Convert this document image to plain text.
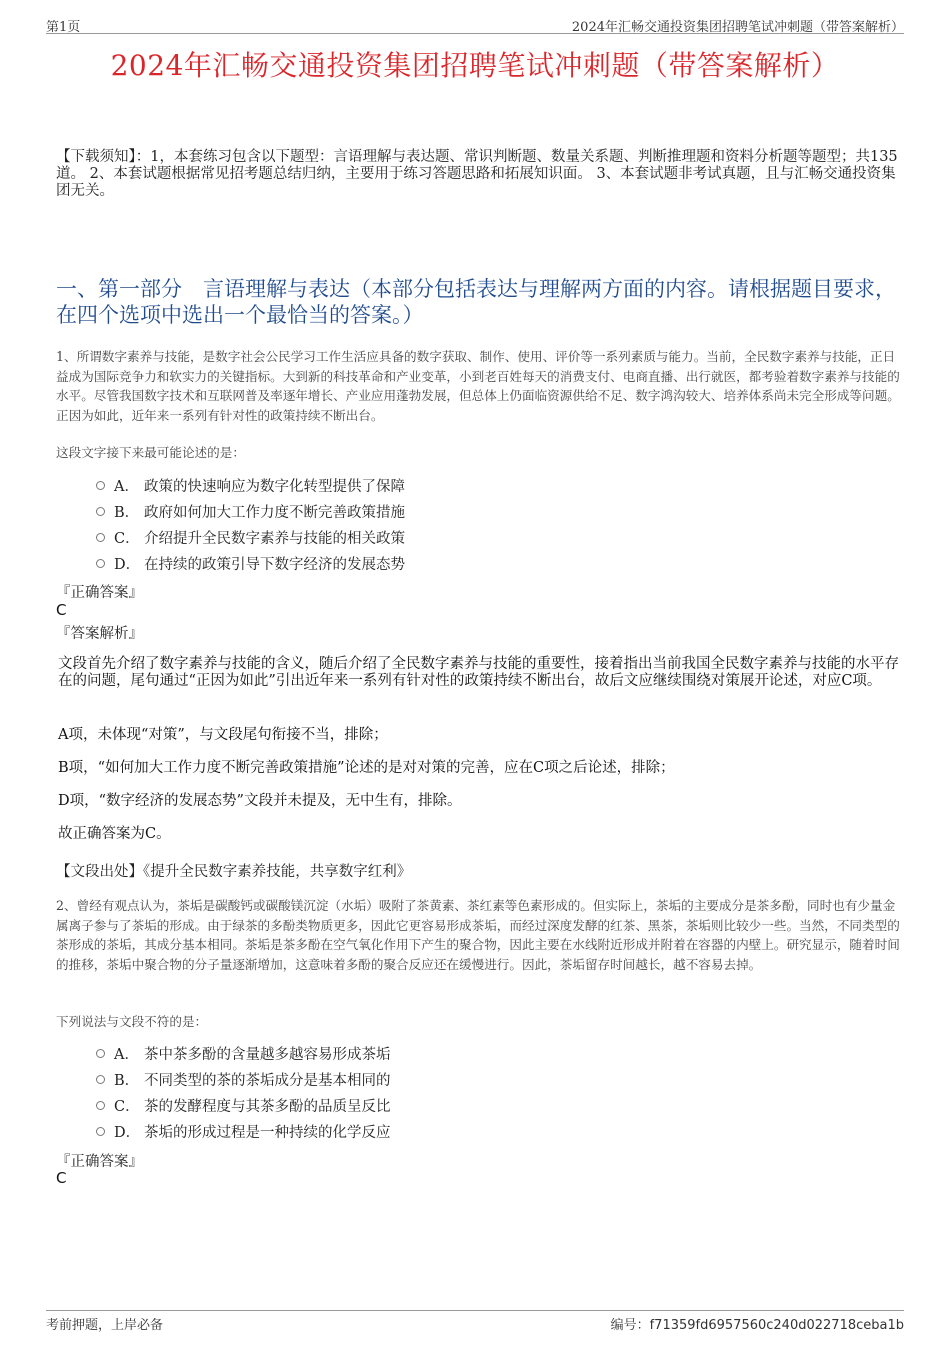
第1页	2024年汇畅交通投资集团招聘笔试冲刺题（带答案解析）
2024年汇畅交通投资集团招聘笔试冲刺题（带答案解析）
【下载须知】：1，本套练习包含以下题型：言语理解与表达题、常识判断题、数量关系题、判断推理题和资料分析题等题型；共135道。 2、本套试题根据常见招考题总结归纳，主要用于练习答题思路和拓展知识面。 3、本套试题非考试真题，且与汇畅交通投资集团无关。
一、第一部分　言语理解与表达（本部分包括表达与理解两方面的内容。请根据题目要求，在四个选项中选出一个最恰当的答案。）
1、所谓数字素养与技能，是数字社会公民学习工作生活应具备的数字获取、制作、使用、评价等一系列素质与能力。当前，全民数字素养与技能，正日益成为国际竞争力和软实力的关键指标。大到新的科技革命和产业变革，小到老百姓每天的消费支付、电商直播、出行就医，都考验着数字素养与技能的水平。尽管我国数字技术和互联网普及率逐年增长、产业应用蓬勃发展，但总体上仍面临资源供给不足、数字鸿沟较大、培养体系尚未完全形成等问题。正因为如此，近年来一系列有针对性的政策持续不断出台。
这段文字接下来最可能论述的是：
A． 政策的快速响应为数字化转型提供了保障
B． 政府如何加大工作力度不断完善政策措施
C． 介绍提升全民数字素养与技能的相关政策
D． 在持续的政策引导下数字经济的发展态势
『正确答案』
C
『答案解析』
文段首先介绍了数字素养与技能的含义，随后介绍了全民数字素养与技能的重要性，接着指出当前我国全民数字素养与技能的水平存在的问题，尾句通过“正因为如此”引出近年来一系列有针对性的政策持续不断出台，故后文应继续围绕对策展开论述，对应C项。
A项，未体现“对策”，与文段尾句衔接不当，排除；
B项，“如何加大工作力度不断完善政策措施”论述的是对对策的完善，应在C项之后论述，排除；
D项，“数字经济的发展态势”文段并未提及，无中生有，排除。
故正确答案为C。
【文段出处】《提升全民数字素养技能，共享数字红利》
2、曾经有观点认为，茶垢是碳酸钙或碳酸镁沉淀（水垢）吸附了茶黄素、茶红素等色素形成的。但实际上，茶垢的主要成分是茶多酚，同时也有少量金属离子参与了茶垢的形成。由于绿茶的多酚类物质更多，因此它更容易形成茶垢，而经过深度发酵的红茶、黑茶，茶垢则比较少一些。当然，不同类型的茶形成的茶垢，其成分基本相同。茶垢是茶多酚在空气氧化作用下产生的聚合物，因此主要在水线附近形成并附着在容器的内壁上。研究显示，随着时间的推移，茶垢中聚合物的分子量逐渐增加，这意味着多酚的聚合反应还在缓慢进行。因此，茶垢留存时间越长，越不容易去掉。
下列说法与文段不符的是：
A． 茶中茶多酚的含量越多越容易形成茶垢
B． 不同类型的茶的茶垢成分是基本相同的
C． 茶的发酵程度与其茶多酚的品质呈反比
D． 茶垢的形成过程是一种持续的化学反应
『正确答案』
C
考前押题，上岸必备	编号：f71359fd6957560c240d022718ceba1b
